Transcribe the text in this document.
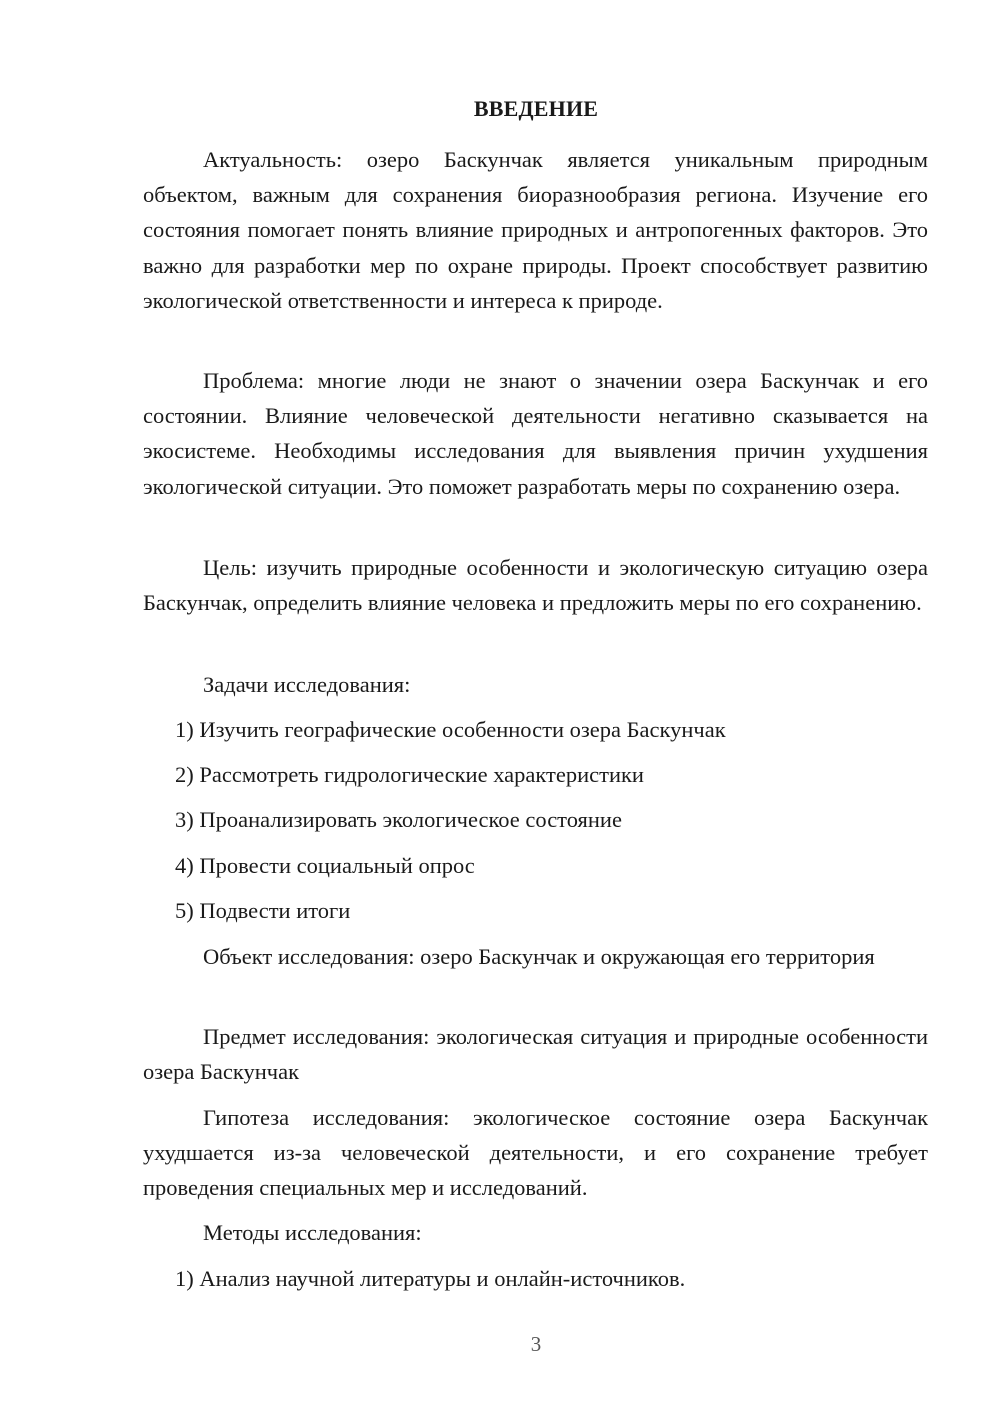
ВВЕДЕНИЕ

Актуальность: озеро Баскунчак является уникальным природным объектом, важным для сохранения биоразнообразия региона. Изучение его состояния помогает понять влияние природных и антропогенных факторов. Это важно для разработки мер по охране природы. Проект способствует развитию экологической ответственности и интереса к природе.

Проблема: многие люди не знают о значении озера Баскунчак и его состоянии. Влияние человеческой деятельности негативно сказывается на экосистеме. Необходимы исследования для выявления причин ухудшения экологической ситуации. Это поможет разработать меры по сохранению озера.

Цель: изучить природные особенности и экологическую ситуацию озера Баскунчак, определить влияние человека и предложить меры по его сохранению.

Задачи исследования:

1) Изучить географические особенности озера Баскунчак
2) Рассмотреть гидрологические характеристики
3) Проанализировать экологическое состояние
4) Провести социальный опрос
5) Подвести итоги

Объект исследования: озеро Баскунчак и окружающая его территория

Предмет исследования: экологическая ситуация и природные особенности озера Баскунчак

Гипотеза исследования: экологическое состояние озера Баскунчак ухудшается из-за человеческой деятельности, и его сохранение требует проведения специальных мер и исследований.

Методы исследования:

1) Анализ научной литературы и онлайн-источников.
3
